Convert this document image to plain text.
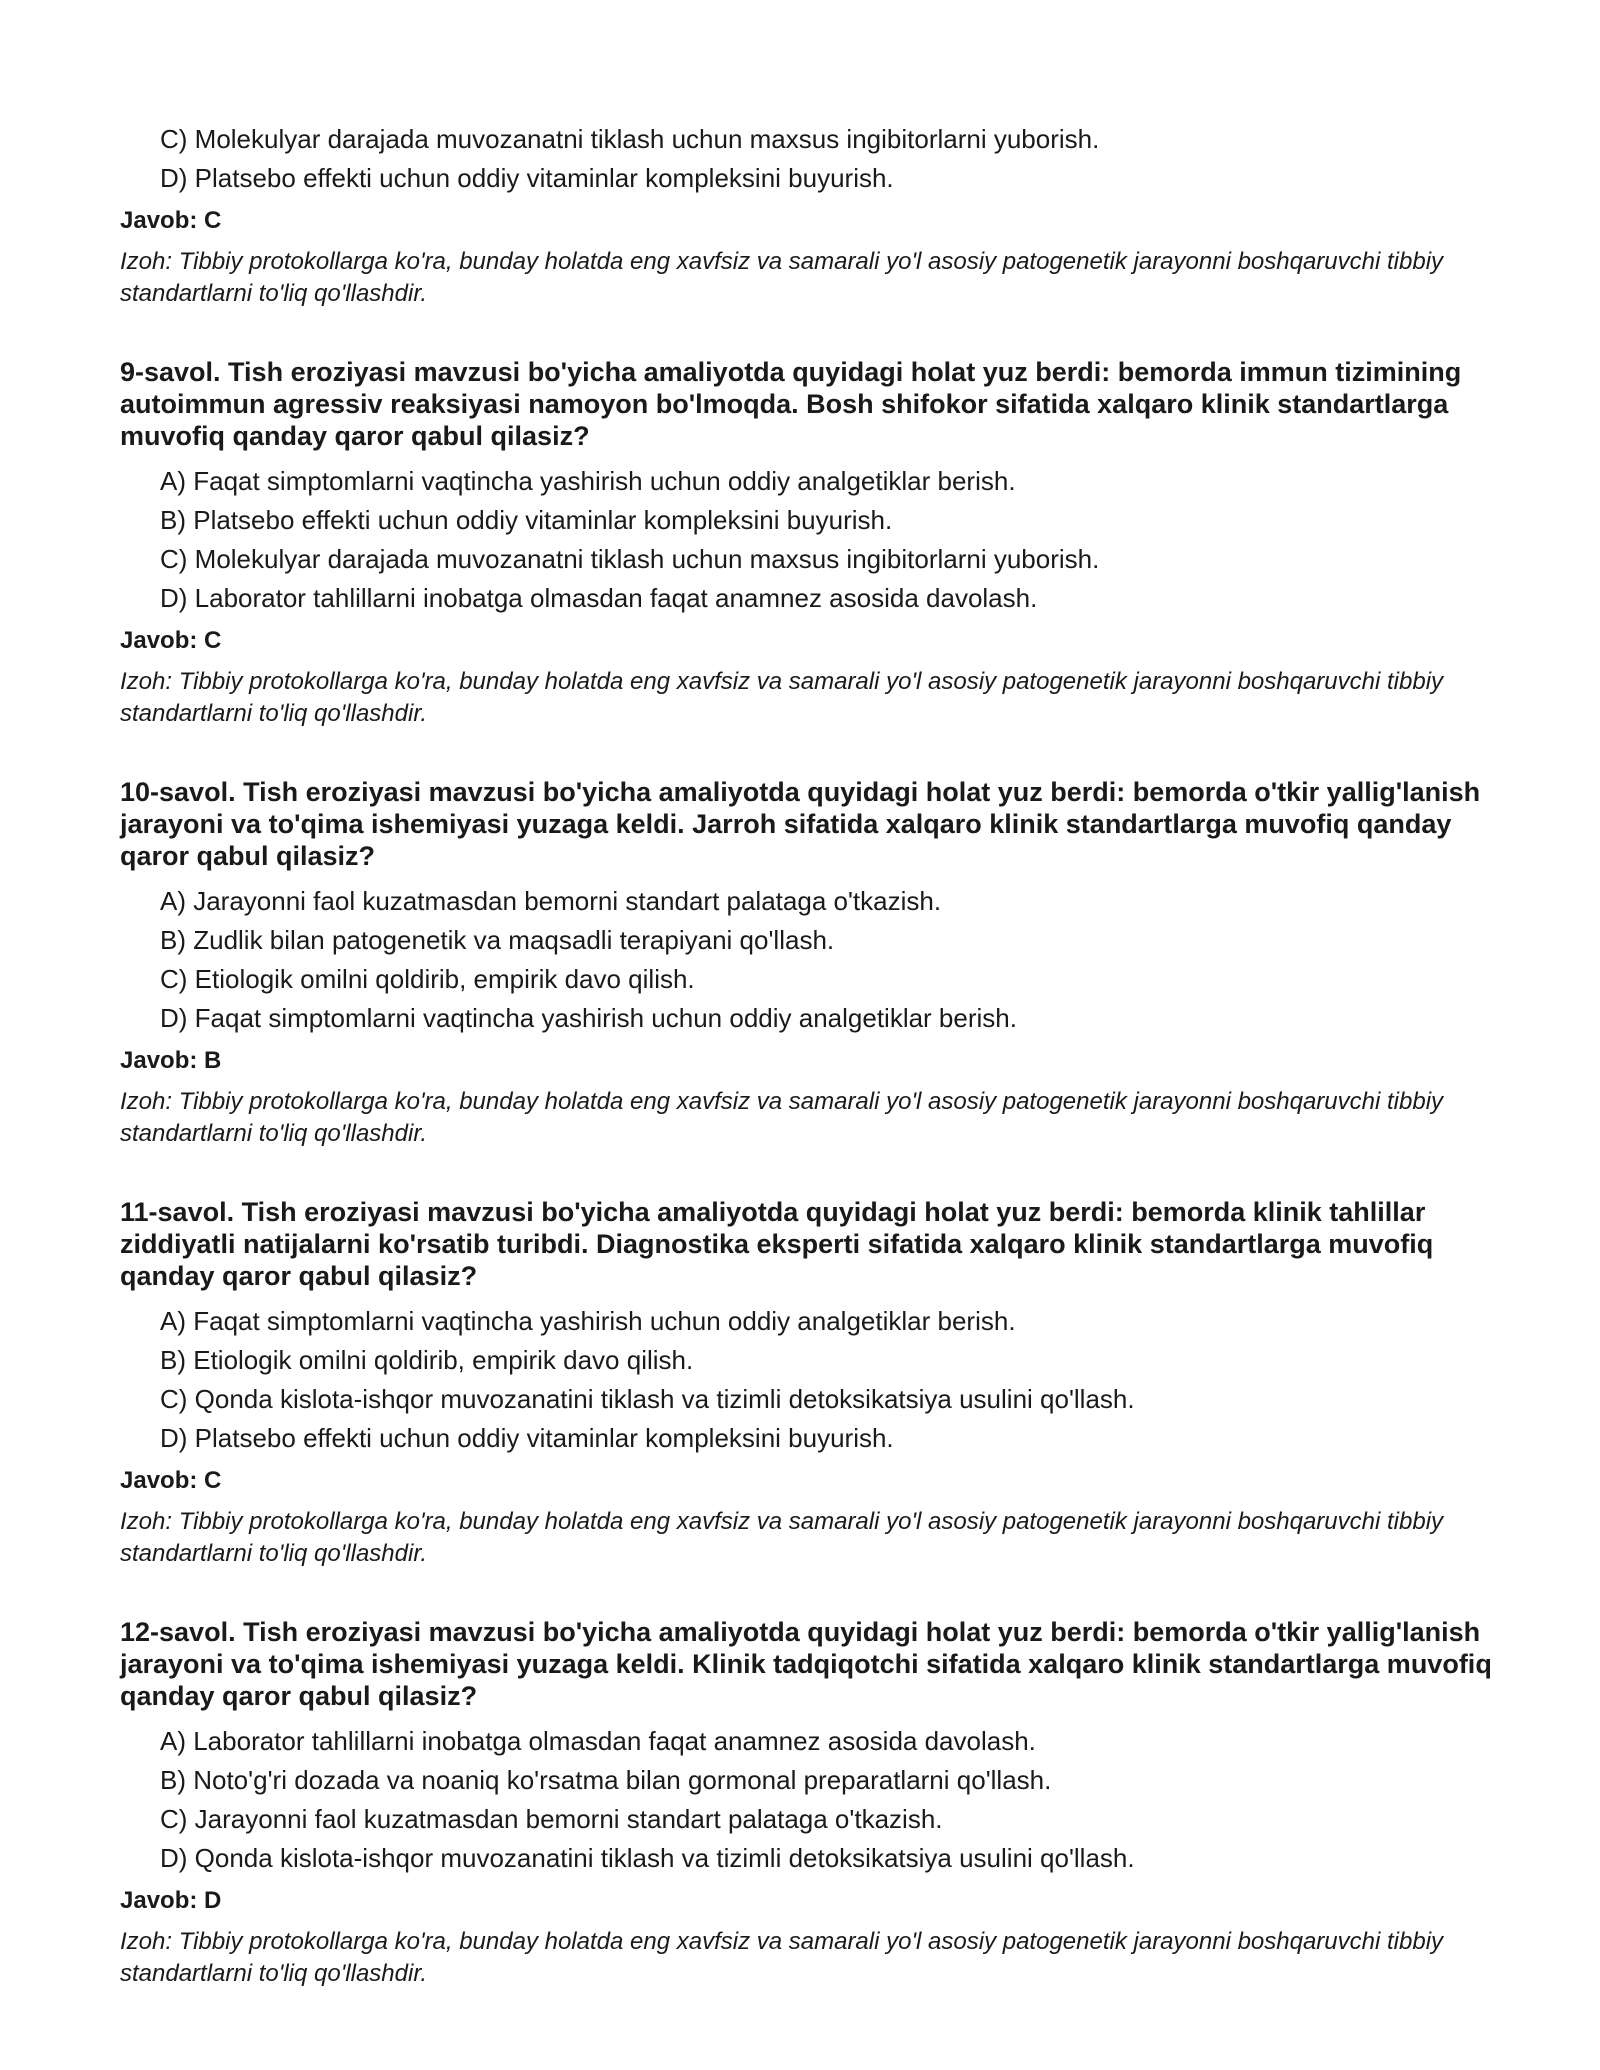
C) Molekulyar darajada muvozanatni tiklash uchun maxsus ingibitorlarni yuborish.
D) Platsebo effekti uchun oddiy vitaminlar kompleksini buyurish.
Javob: C
Izoh: Tibbiy protokollarga ko'ra, bunday holatda eng xavfsiz va samarali yo'l asosiy patogenetik jarayonni boshqaruvchi tibbiy standartlarni to'liq qo'llashdir.
9-savol. Tish eroziyasi mavzusi bo'yicha amaliyotda quyidagi holat yuz berdi: bemorda immun tizimining autoimmun agressiv reaksiyasi namoyon bo'lmoqda. Bosh shifokor sifatida xalqaro klinik standartlarga muvofiq qanday qaror qabul qilasiz?
A) Faqat simptomlarni vaqtincha yashirish uchun oddiy analgetiklar berish.
B) Platsebo effekti uchun oddiy vitaminlar kompleksini buyurish.
C) Molekulyar darajada muvozanatni tiklash uchun maxsus ingibitorlarni yuborish.
D) Laborator tahlillarni inobatga olmasdan faqat anamnez asosida davolash.
Javob: C
Izoh: Tibbiy protokollarga ko'ra, bunday holatda eng xavfsiz va samarali yo'l asosiy patogenetik jarayonni boshqaruvchi tibbiy standartlarni to'liq qo'llashdir.
10-savol. Tish eroziyasi mavzusi bo'yicha amaliyotda quyidagi holat yuz berdi: bemorda o'tkir yallig'lanish jarayoni va to'qima ishemiyasi yuzaga keldi. Jarroh sifatida xalqaro klinik standartlarga muvofiq qanday qaror qabul qilasiz?
A) Jarayonni faol kuzatmasdan bemorni standart palataga o'tkazish.
B) Zudlik bilan patogenetik va maqsadli terapiyani qo'llash.
C) Etiologik omilni qoldirib, empirik davo qilish.
D) Faqat simptomlarni vaqtincha yashirish uchun oddiy analgetiklar berish.
Javob: B
Izoh: Tibbiy protokollarga ko'ra, bunday holatda eng xavfsiz va samarali yo'l asosiy patogenetik jarayonni boshqaruvchi tibbiy standartlarni to'liq qo'llashdir.
11-savol. Tish eroziyasi mavzusi bo'yicha amaliyotda quyidagi holat yuz berdi: bemorda klinik tahlillar ziddiyatli natijalarni ko'rsatib turibdi. Diagnostika eksperti sifatida xalqaro klinik standartlarga muvofiq qanday qaror qabul qilasiz?
A) Faqat simptomlarni vaqtincha yashirish uchun oddiy analgetiklar berish.
B) Etiologik omilni qoldirib, empirik davo qilish.
C) Qonda kislota-ishqor muvozanatini tiklash va tizimli detoksikatsiya usulini qo'llash.
D) Platsebo effekti uchun oddiy vitaminlar kompleksini buyurish.
Javob: C
Izoh: Tibbiy protokollarga ko'ra, bunday holatda eng xavfsiz va samarali yo'l asosiy patogenetik jarayonni boshqaruvchi tibbiy standartlarni to'liq qo'llashdir.
12-savol. Tish eroziyasi mavzusi bo'yicha amaliyotda quyidagi holat yuz berdi: bemorda o'tkir yallig'lanish jarayoni va to'qima ishemiyasi yuzaga keldi. Klinik tadqiqotchi sifatida xalqaro klinik standartlarga muvofiq qanday qaror qabul qilasiz?
A) Laborator tahlillarni inobatga olmasdan faqat anamnez asosida davolash.
B) Noto'g'ri dozada va noaniq ko'rsatma bilan gormonal preparatlarni qo'llash.
C) Jarayonni faol kuzatmasdan bemorni standart palataga o'tkazish.
D) Qonda kislota-ishqor muvozanatini tiklash va tizimli detoksikatsiya usulini qo'llash.
Javob: D
Izoh: Tibbiy protokollarga ko'ra, bunday holatda eng xavfsiz va samarali yo'l asosiy patogenetik jarayonni boshqaruvchi tibbiy standartlarni to'liq qo'llashdir.
